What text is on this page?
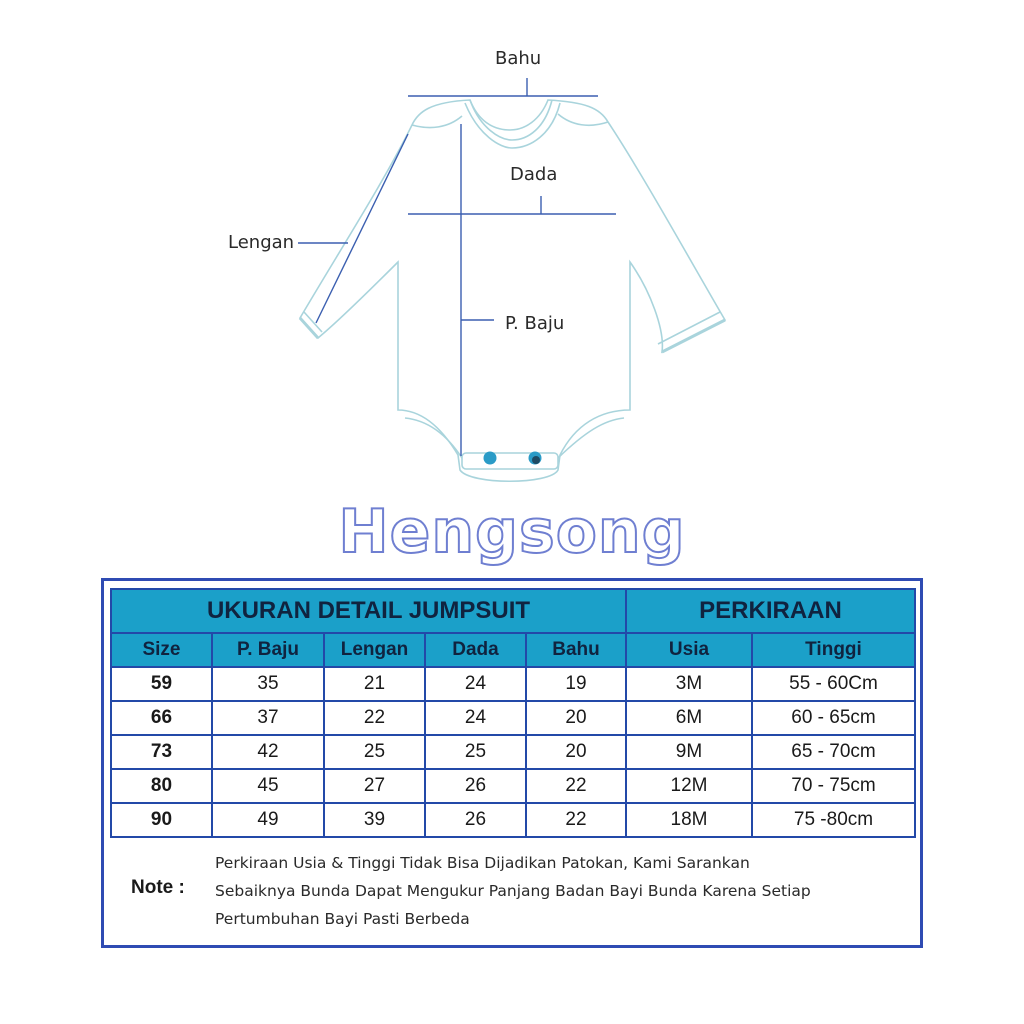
Bahu
Dada
Lengan
P. Baju
Hengsong
UKURAN DETAIL JUMPSUIT					PERKIRAAN	
Size	P. Baju	Lengan	Dada	Bahu	Usia	Tinggi
59	35	21	24	19	3M	55 - 60Cm
66	37	22	24	20	6M	60 - 65cm
73	42	25	25	20	9M	65 - 70cm
80	45	27	26	22	12M	70 - 75cm
90	49	39	26	22	18M	75 -80cm
Note :
Perkiraan Usia & Tinggi Tidak Bisa Dijadikan Patokan, Kami Sarankan
Sebaiknya Bunda Dapat Mengukur Panjang Badan Bayi Bunda Karena Setiap
Pertumbuhan Bayi Pasti Berbeda
